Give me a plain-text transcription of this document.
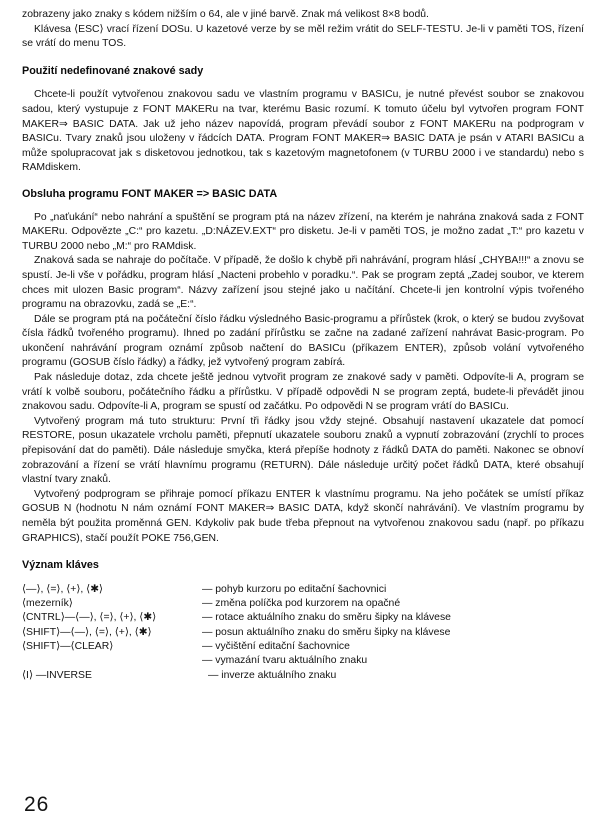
zobrazeny jako znaky s kódem nižším o 64, ale v jiné barvě. Znak má velikost 8×8 bodů.

Klávesa ⟨ESC⟩ vrací řízení DOSu. U kazetové verze by se měl režim vrátit do SELF-TESTU. Je-li v paměti TOS, řízení se vrátí do menu TOS.

Použití nedefinované znakové sady

Chcete-li použít vytvořenou znakovou sadu ve vlastním programu v BASICu, je nutné převést soubor se znakovou sadou, který vystupuje z FONT MAKERu na tvar, kterému Basic rozumí. K tomuto účelu byl vytvořen program FONT MAKER⇒ BASIC DATA. Jak už jeho název napovídá, program převádí soubor z FONT MAKERu na podprogram v BASICu. Tvary znaků jsou uloženy v řádcích DATA. Program FONT MAKER⇒ BASIC DATA je psán v ATARI BASICu a může spolupracovat jak s disketovou jednotkou, tak s kazetovým magnetofonem (v TURBU 2000 i ve standardu) nebo s RAMdiskem.

Obsluha programu FONT MAKER => BASIC DATA

Po „naťukání“ nebo nahrání a spuštění se program ptá na název zřízení, na kterém je nahrána znaková sada z FONT MAKERu. Odpovězte „C:“ pro kazetu. „D:NÁZEV.EXT“ pro disketu. Je-li v paměti TOS, je možno zadat „T:“ pro kazetu v TURBU 2000 nebo „M:“ pro RAMdisk.

Znaková sada se nahraje do počítače. V případě, že došlo k chybě při nahrávání, program hlásí „CHYBA!!!“ a znovu se spustí. Je-li vše v pořádku, program hlásí „Nacteni probehlo v poradku.“. Pak se program zeptá „Zadej soubor, ve kterem chces mit ulozen Basic program“. Názvy zařízení jsou stejné jako u načítání. Chcete-li jen kontrolní výpis tvořeného programu na obrazovku, zadá se „E:“.

Dále se program ptá na počáteční číslo řádku výsledného Basic-programu a přírůstek (krok, o který se budou zvyšovat čísla řádků tvořeného programu). Ihned po zadání přírůstku se začne na zadané zařízení nahrávat Basic-program. Po ukončení nahrávání program oznámí způsob načtení do BASICu (příkazem ENTER), způsob volání vytvořeného programu (GOSUB číslo řádky) a řádky, jež vytvořený program zabírá.

Pak následuje dotaz, zda chcete ještě jednou vytvořit program ze znakové sady v paměti. Odpovíte-li A, program se vrátí k volbě souboru, počátečního řádku a přírůstku. V případě odpovědi N se program zeptá, budete-li převádět jinou znakovou sadu. Odpovíte-li A, program se spustí od začátku. Po odpovědi N se program vrátí do BASICu.

Vytvořený program má tuto strukturu: První tři řádky jsou vždy stejné. Obsahují nastavení ukazatele dat pomocí RESTORE, posun ukazatele vrcholu paměti, přepnutí ukazatele souboru znaků a vypnutí zobrazování (zrychlí to proces přepisování dat do paměti). Dále následuje smyčka, která přepíše hodnoty z řádků DATA do paměti. Nakonec se obnoví zobrazování a řízení se vrátí hlavnímu programu (RETURN). Dále následuje určitý počet řádků DATA, které obsahují vlastní tvary znaků.

Vytvořený podprogram se přihraje pomocí příkazu ENTER k vlastnímu programu. Na jeho počátek se umístí příkaz GOSUB N (hodnotu N nám oznámí FONT MAKER⇒ BASIC DATA, když skončí nahrávání). Ve vlastním programu by neměla být použita proměnná GEN. Kdykoliv pak bude třeba přepnout na vytvořenou znakovou sadu (např. po příkazu GRAPHICS), stačí použít POKE 756,GEN.

Význam kláves
⟨—⟩, ⟨=⟩, ⟨+⟩, ⟨✱⟩	— pohyb kurzoru po editační šachovnici
⟨mezerník⟩	— změna políčka pod kurzorem na opačné
⟨CNTRL⟩—⟨—⟩, ⟨=⟩, ⟨+⟩, ⟨✱⟩	— rotace aktuálního znaku do směru šipky na klávese
⟨SHIFT⟩—⟨—⟩, ⟨=⟩, ⟨+⟩, ⟨✱⟩	— posun aktuálního znaku do směru šipky na klávese
⟨SHIFT⟩—⟨CLEAR⟩	— vyčištění editační šachovnice
— vymazání tvaru aktuálního znaku
⟨I⟩ —INVERSE	— inverze aktuálního znaku
26
